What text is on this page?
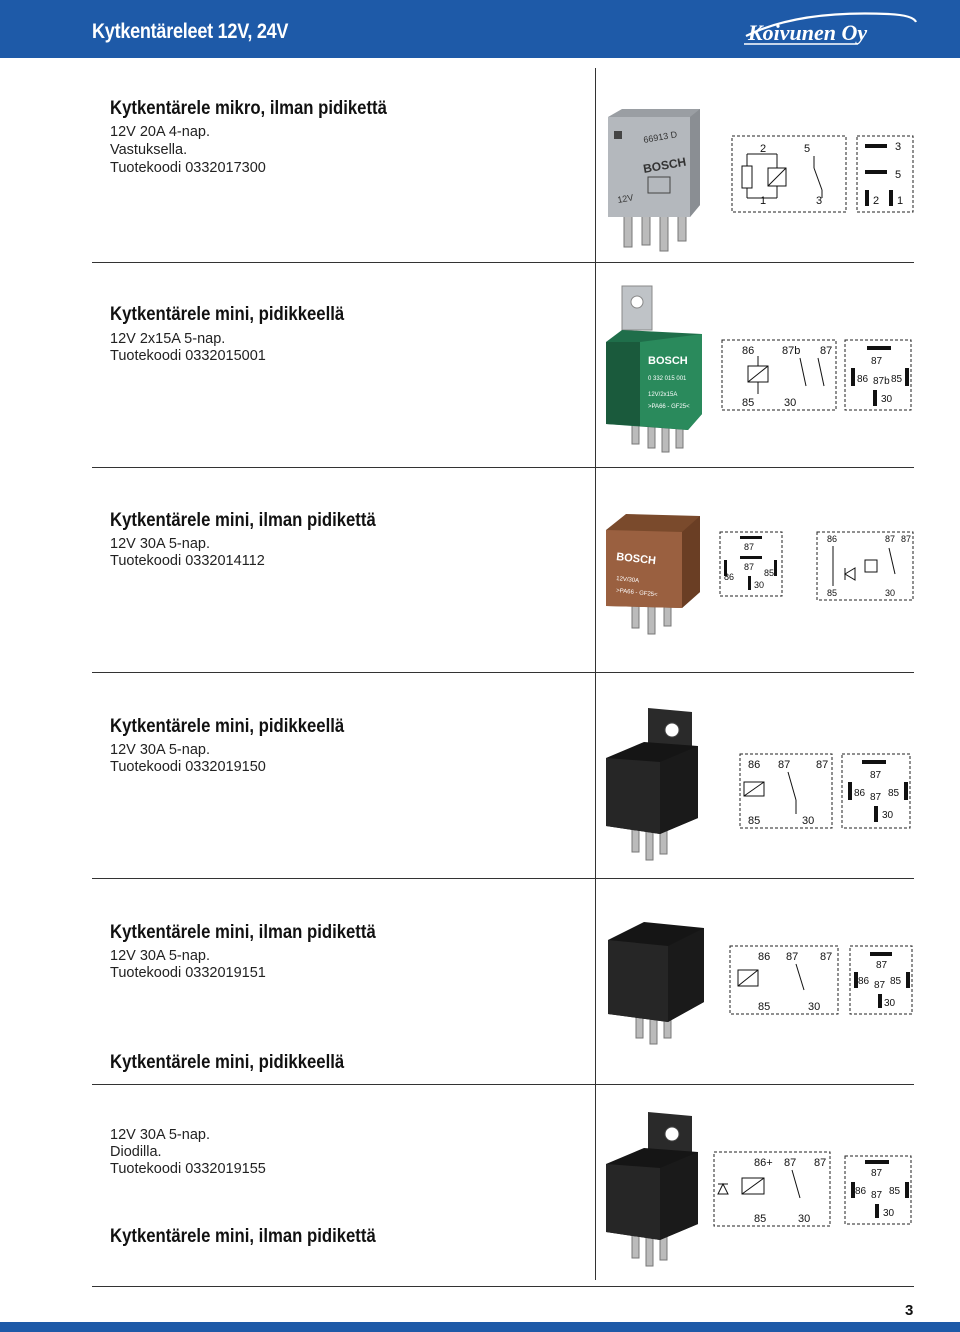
Kytkentäreleet 12V, 24V	Koivunen Oy
Kytkentärele mikro, ilman pidikettä
12V 20A 4-nap.
Vastuksella.
Tuotekoodi 0332017300
66913 D
BOSCH
12V
2	5
1	3
3
5
2 1
Kytkentärele mini, pidikkeellä
12V 2x15A 5-nap.
Tuotekoodi 0332015001	BOSCH
0 332 015 001
12V/2x15A
>PA66 - GF25<
86	87b 87
85	30
87
86 87b 85
30
Kytkentärele mini, ilman pidikettä
12V 30A 5-nap.
Tuotekoodi 0332014112	BOSCH
12V/30A
>PA66 - GF25<
87
87
86	85
30
86	87 87
85	30
Kytkentärele mini, pidikkeellä
12V 30A 5-nap.
Tuotekoodi 0332019150	86 87 87
85	30
87
86 87 85
30
Kytkentärele mini, ilman pidikettä
12V 30A 5-nap.
Tuotekoodi 0332019151
86 87 87
85	30
87
86 87 85
30
Kytkentärele mini, pidikkeellä
12V 30A 5-nap.
Diodilla.
Tuotekoodi 0332019155	86+ 87 87
85	30
87
86 87 85
30
Kytkentärele mini, ilman pidikettä
3
